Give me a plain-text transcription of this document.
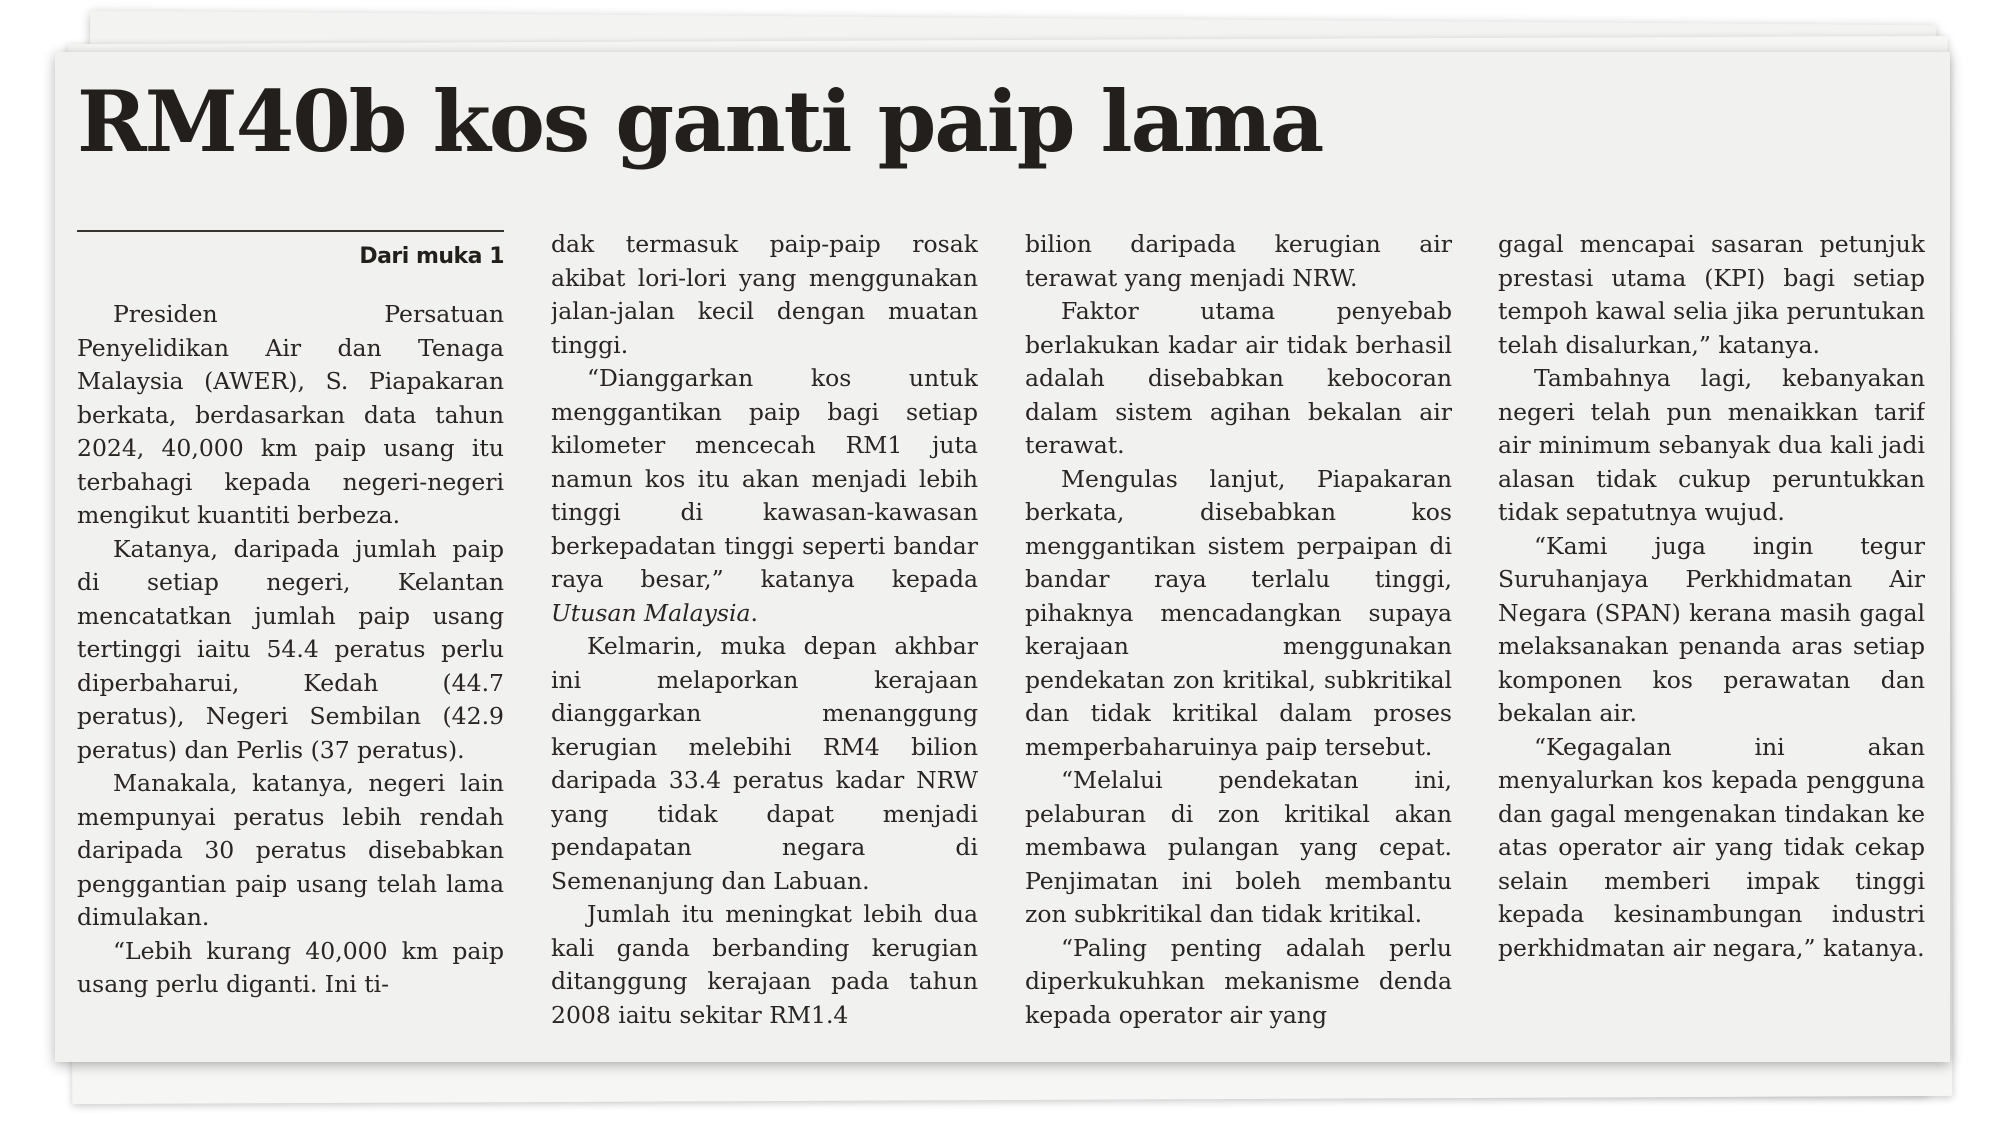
RM40b kos ganti paip lama
Dari muka 1

Presiden Persatuan Penyelidikan Air dan Tenaga Malaysia (AWER), S. Piapakaran berkata, berdasarkan data tahun 2024, 40,000 km paip usang itu terbahagi kepada negeri-negeri mengikut kuantiti berbeza.

Katanya, daripada jumlah paip di setiap negeri, Kelantan mencatatkan jumlah paip usang tertinggi iaitu 54.4 peratus perlu diperbaharui, Kedah (44.7 peratus), Negeri Sembilan (42.9 peratus) dan Perlis (37 peratus).

Manakala, katanya, negeri lain mempunyai peratus lebih rendah daripada 30 peratus disebabkan penggantian paip usang telah lama dimulakan.

“Lebih kurang 40,000 km paip usang perlu diganti. Ini ti-

dak termasuk paip-paip rosak akibat lori-lori yang menggunakan jalan-jalan kecil dengan muatan tinggi.

“Dianggarkan kos untuk menggantikan paip bagi setiap kilometer mencecah RM1 juta namun kos itu akan menjadi lebih tinggi di kawasan-kawasan berkepadatan tinggi seperti bandar raya besar,” katanya kepada Utusan Malaysia.

Kelmarin, muka depan akhbar ini melaporkan kerajaan dianggarkan menanggung kerugian melebihi RM4 bilion daripada 33.4 peratus kadar NRW yang tidak dapat menjadi pendapatan negara di Semenanjung dan Labuan.

Jumlah itu meningkat lebih dua kali ganda berbanding kerugian ditanggung kerajaan pada tahun 2008 iaitu sekitar RM1.4

bilion daripada kerugian air terawat yang menjadi NRW.

Faktor utama penyebab berlakukan kadar air tidak berhasil adalah disebabkan kebocoran dalam sistem agihan bekalan air terawat.

Mengulas lanjut, Piapakaran berkata, disebabkan kos menggantikan sistem perpaipan di bandar raya terlalu tinggi, pihaknya mencadangkan supaya kerajaan menggunakan pendekatan zon kritikal, subkritikal dan tidak kritikal dalam proses memperbaharuinya paip tersebut.

“Melalui pendekatan ini, pelaburan di zon kritikal akan membawa pulangan yang cepat. Penjimatan ini boleh membantu zon subkritikal dan tidak kritikal.

“Paling penting adalah perlu diperkukuhkan mekanisme denda kepada operator air yang

gagal mencapai sasaran petunjuk prestasi utama (KPI) bagi setiap tempoh kawal selia jika peruntukan telah disalurkan,” katanya.

Tambahnya lagi, kebanyakan negeri telah pun menaikkan tarif air minimum sebanyak dua kali jadi alasan tidak cukup peruntukkan tidak sepatutnya wujud.

“Kami juga ingin tegur Suruhanjaya Perkhidmatan Air Negara (SPAN) kerana masih gagal melaksanakan penanda aras setiap komponen kos perawatan dan bekalan air.

“Kegagalan ini akan menyalurkan kos kepada pengguna dan gagal mengenakan tindakan ke atas operator air yang tidak cekap selain memberi impak tinggi kepada kesinambungan industri perkhidmatan air negara,” katanya.
